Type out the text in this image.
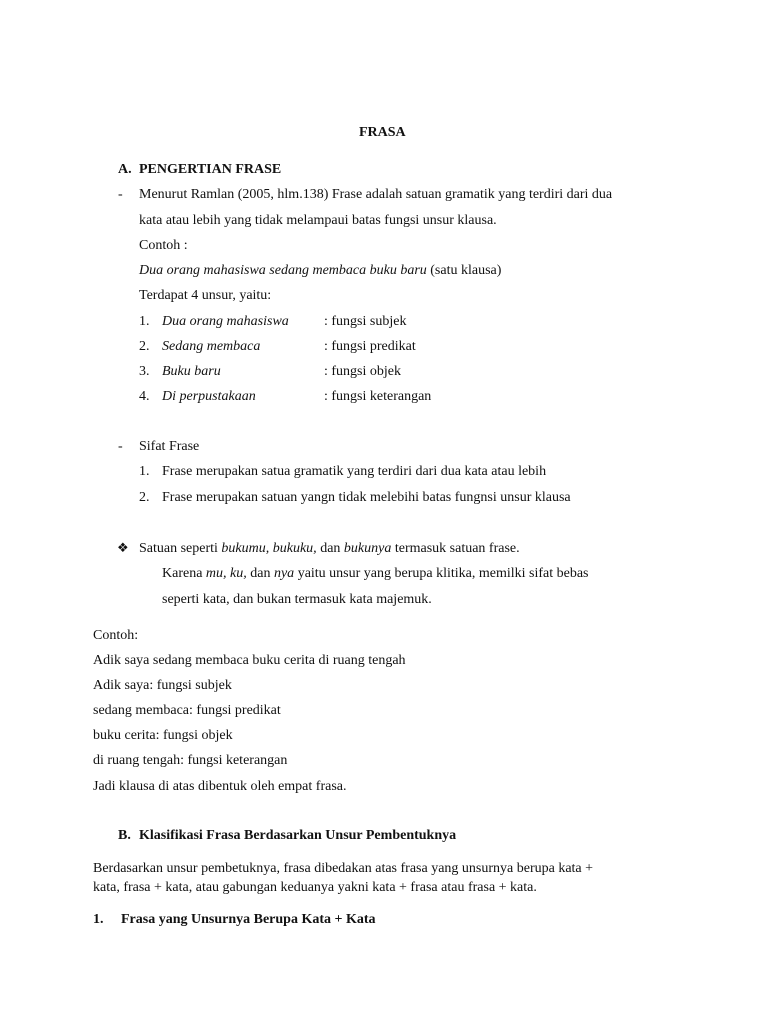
FRASA
A. PENGERTIAN FRASE
- Menurut Ramlan (2005, hlm.138) Frase adalah satuan gramatik yang terdiri dari dua
kata atau lebih yang tidak melampaui batas fungsi unsur klausa.
Contoh :
Dua orang mahasiswa sedang membaca buku baru (satu klausa)
Terdapat 4 unsur, yaitu:
1. Dua orang mahasiswa	: fungsi subjek
2. Sedang membaca	: fungsi predikat
3. Buku baru	: fungsi objek
4. Di perpustakaan	: fungsi keterangan
- Sifat Frase
1. Frase merupakan satua gramatik yang terdiri dari dua kata atau lebih
2. Frase merupakan satuan yangn tidak melebihi batas fungnsi unsur klausa
❖ Satuan seperti bukumu, bukuku, dan bukunya termasuk satuan frase.
Karena mu, ku, dan nya yaitu unsur yang berupa klitika, memilki sifat bebas
seperti kata, dan bukan termasuk kata majemuk.
Contoh:
Adik saya sedang membaca buku cerita di ruang tengah
Adik saya: fungsi subjek
sedang membaca: fungsi predikat
buku cerita: fungsi objek
di ruang tengah: fungsi keterangan
Jadi klausa di atas dibentuk oleh empat frasa.
B. Klasifikasi Frasa Berdasarkan Unsur Pembentuknya
Berdasarkan unsur pembetuknya, frasa dibedakan atas frasa yang unsurnya berupa kata +
kata, frasa + kata, atau gabungan keduanya yakni kata + frasa atau frasa + kata.
1. Frasa yang Unsurnya Berupa Kata + Kata
